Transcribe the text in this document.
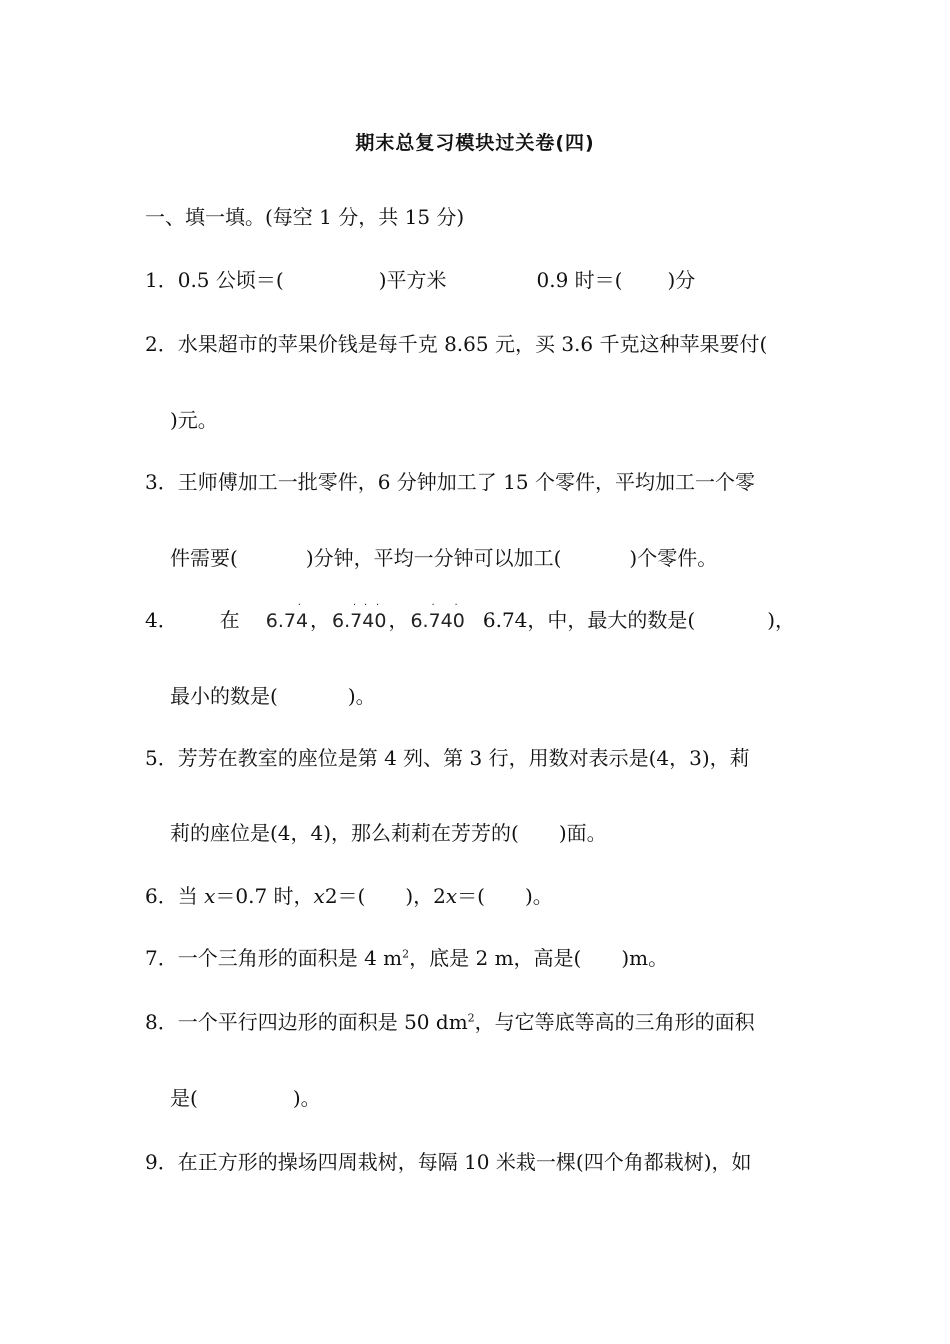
期末总复习模块过关卷(四)
一、填一填。(每空 1 分，共 15 分)
1．0.5 公顷＝(	)平方米	0.9 时＝( )分
2．水果超市的苹果价钱是每千克 8.65 元，买 3.6 千克这种苹果要付(
)元。
3．王师傅加工一批零件，6 分钟加工了 15 个零件，平均加工一个零
件需要(	)分钟，平均一分钟可以加工(	)个零件。
4． 在 6.74
·
， 6.740
· · ·
， 6.740
· ·
6.74，中，最大的数是(	)，
最小的数是(	)。
5．芳芳在教室的座位是第 4 列、第 3 行，用数对表示是(4，3)，莉
莉的座位是(4，4)，那么莉莉在芳芳的(　　)面。
6．当 x＝0.7 时，x2＝(　　)，2x＝(　　)。
7．一个三角形的面积是 4 $m^2$，底是 2 m，高是(　　)m。
8．一个平行四边形的面积是 50 $dm^2$，与它等底等高的三角形的面积
是(	)。
9．在正方形的操场四周栽树，每隔 10 米栽一棵(四个角都栽树)，如
